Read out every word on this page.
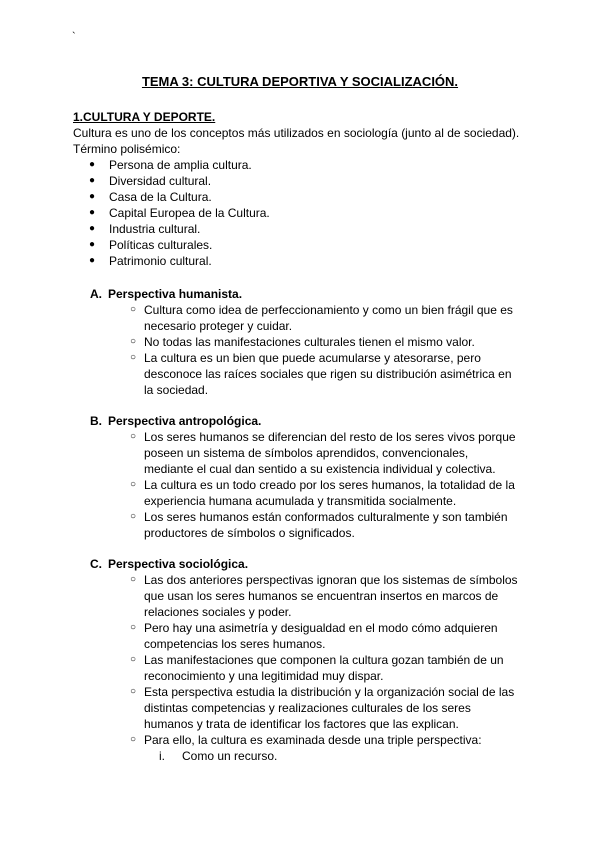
`
TEMA 3: CULTURA DEPORTIVA Y SOCIALIZACIÓN.
1.CULTURA Y DEPORTE.

Cultura es uno de los conceptos más utilizados en sociología (junto al de sociedad).

Término polisémico:

● Persona de amplia cultura.
● Diversidad cultural.
● Casa de la Cultura.
● Capital Europea de la Cultura.
● Industria cultural.
● Políticas culturales.
● Patrimonio cultural.
A. Perspectiva humanista.
○ Cultura como idea de perfeccionamiento y como un bien frágil que es necesario proteger y cuidar.
○ No todas las manifestaciones culturales tienen el mismo valor.
○ La cultura es un bien que puede acumularse y atesorarse, pero desconoce las raíces sociales que rigen su distribución asimétrica en la sociedad.
B. Perspectiva antropológica.
○ Los seres humanos se diferencian del resto de los seres vivos porque poseen un sistema de símbolos aprendidos, convencionales, mediante el cual dan sentido a su existencia individual y colectiva.
○ La cultura es un todo creado por los seres humanos, la totalidad de la experiencia humana acumulada y transmitida socialmente.
○ Los seres humanos están conformados culturalmente y son también productores de símbolos o significados.
C. Perspectiva sociológica.
○ Las dos anteriores perspectivas ignoran que los sistemas de símbolos que usan los seres humanos se encuentran insertos en marcos de relaciones sociales y poder.
○ Pero hay una asimetría y desigualdad en el modo cómo adquieren competencias los seres humanos.
○ Las manifestaciones que componen la cultura gozan también de un reconocimiento y una legitimidad muy dispar.
○ Esta perspectiva estudia la distribución y la organización social de las distintas competencias y realizaciones culturales de los seres humanos y trata de identificar los factores que las explican.
○ Para ello, la cultura es examinada desde una triple perspectiva:
i. Como un recurso.
